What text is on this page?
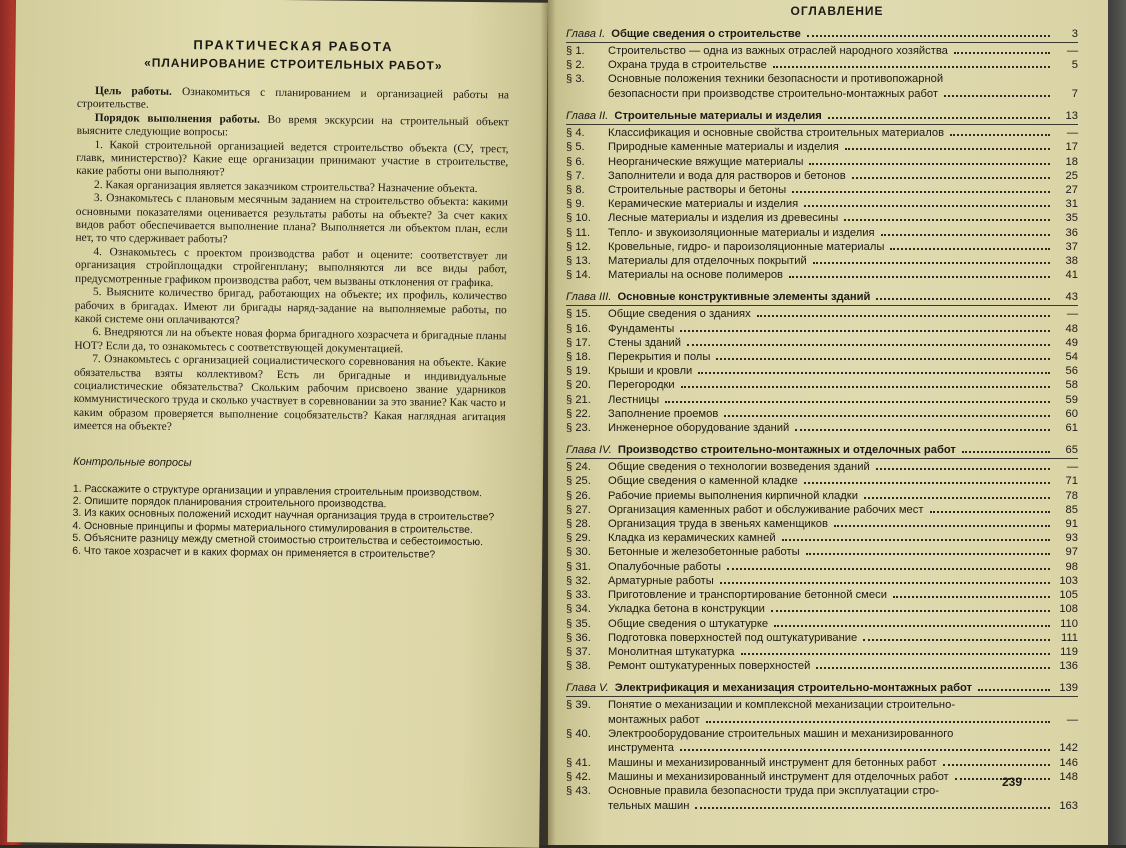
ПРАКТИЧЕСКАЯ РАБОТА
«ПЛАНИРОВАНИЕ СТРОИТЕЛЬНЫХ РАБОТ»

Цель работы. Ознакомиться с планированием и организацией работы на строительстве.

Порядок выполнения работы. Во время экскурсии на строительный объект выясните следующие вопросы:

1. Какой строительной организацией ведется строительство объекта (СУ, трест, главк, министерство)? Какие еще организации принимают участие в строительстве, какие работы они выполняют?

2. Какая организация является заказчиком строительства? Назначение объекта.

3. Ознакомьтесь с плановым месячным заданием на строительство объекта: какими основными показателями оценивается результаты работы на объекте? За счет каких видов работ обеспечивается выполнение плана? Выполняется ли объектом план, если нет, то что сдерживает работы?

4. Ознакомьтесь с проектом производства работ и оцените: соответствует ли организация стройплощадки стройгенплану; выполняются ли все виды работ, предусмотренные графиком производства работ, чем вызваны отклонения от графика.

5. Выясните количество бригад, работающих на объекте; их профиль, количество рабочих в бригадах. Имеют ли бригады наряд-задание на выполняемые работы, по какой системе они оплачиваются?

6. Внедряются ли на объекте новая форма бригадного хозрасчета и бригадные планы НОТ? Если да, то ознакомьтесь с соответствующей документацией.

7. Ознакомьтесь с организацией социалистического соревнования на объекте. Какие обязательства взяты коллективом? Есть ли бригадные и индивидуальные социалистические обязательства? Скольким рабочим присвоено звание ударников коммунистического труда и сколько участвует в соревновании за это звание? Как часто и каким образом проверяется выполнение соцобязательств? Какая наглядная агитация имеется на объекте?

Контрольные вопросы
1. Расскажите о структуре организации и управления строительным производством.
2. Опишите порядок планирования строительного производства.
3. Из каких основных положений исходит научная организация труда в строительстве?
4. Основные принципы и формы материального стимулирования в строительстве.
5. Объясните разницу между сметной стоимостью строительства и себестоимостью.
6. Что такое хозрасчет и в каких формах он применяется в строительстве?
ОГЛАВЛЕНИЕ
Глава I. Общие сведения о строительстве	3
§ 1.	Строительство — одна из важных отраслей народного хозяйства	—
§ 2.	Охрана труда в строительстве	5
§ 3.	Основные положения техники безопасности и противопожарной
безопасности при производстве строительно-монтажных работ	7
Глава II. Строительные материалы и изделия	13
§ 4.	Классификация и основные свойства строительных материалов	—
§ 5.	Природные каменные материалы и изделия	17
§ 6.	Неорганические вяжущие материалы	18
§ 7.	Заполнители и вода для растворов и бетонов	25
§ 8.	Строительные растворы и бетоны	27
§ 9.	Керамические материалы и изделия	31
§ 10.	Лесные материалы и изделия из древесины	35
§ 11.	Тепло- и звукоизоляционные материалы и изделия	36
§ 12.	Кровельные, гидро- и пароизоляционные материалы	37
§ 13.	Материалы для отделочных покрытий	38
§ 14.	Материалы на основе полимеров	41
Глава III. Основные конструктивные элементы зданий	43
§ 15.	Общие сведения о зданиях	—
§ 16.	Фундаменты	48
§ 17.	Стены зданий	49
§ 18.	Перекрытия и полы	54
§ 19.	Крыши и кровли	56
§ 20.	Перегородки	58
§ 21.	Лестницы	59
§ 22.	Заполнение проемов	60
§ 23.	Инженерное оборудование зданий	61
Глава IV. Производство строительно-монтажных и отделочных работ	65
§ 24.	Общие сведения о технологии возведения зданий	—
§ 25.	Общие сведения о каменной кладке	71
§ 26.	Рабочие приемы выполнения кирпичной кладки	78
§ 27.	Организация каменных работ и обслуживание рабочих мест	85
§ 28.	Организация труда в звеньях каменщиков	91
§ 29.	Кладка из керамических камней	93
§ 30.	Бетонные и железобетонные работы	97
§ 31.	Опалубочные работы	98
§ 32.	Арматурные работы	103
§ 33.	Приготовление и транспортирование бетонной смеси	105
§ 34.	Укладка бетона в конструкции	108
§ 35.	Общие сведения о штукатурке	110
§ 36.	Подготовка поверхностей под оштукатуривание	111
§ 37.	Монолитная штукатурка	119
§ 38.	Ремонт оштукатуренных поверхностей	136
Глава V. Электрификация и механизация строительно-монтажных работ	139
§ 39.	Понятие о механизации и комплексной механизации строительно-
монтажных работ	—
§ 40.	Электрооборудование строительных машин и механизированного
инструмента	142
§ 41.	Машины и механизированный инструмент для бетонных работ	146
§ 42.	Машины и механизированный инструмент для отделочных работ	148
§ 43.	Основные правила безопасности труда при эксплуатации стро-
тельных машин	163
239
